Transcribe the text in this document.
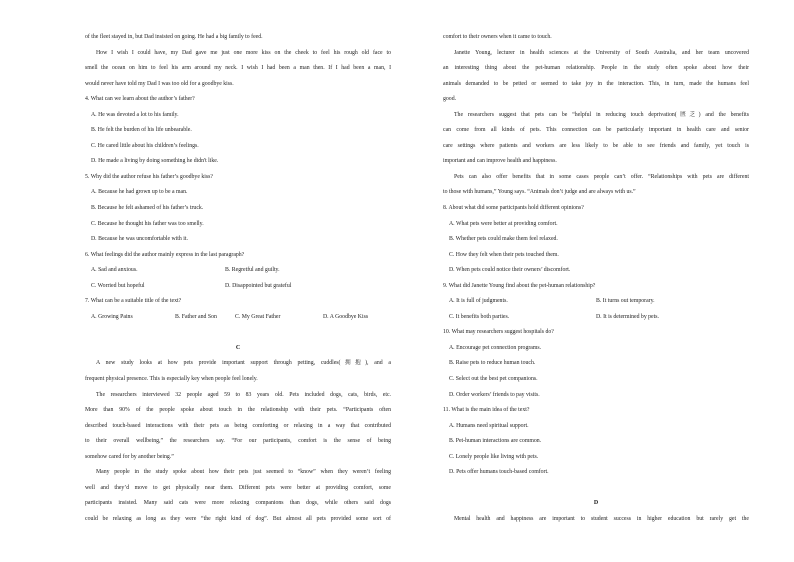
of the fleet stayed in, but Dad insisted on going. He had a big family to feed.
How I wish I could have, my Dad gave me just one more kiss on the cheek to feel his rough old face to
smell the ocean on him to feel his arm around my neck. I wish I had been a man then. If I had been a man, I
would never have told my Dad I was too old for a goodbye kiss.
4. What can we learn about the author’s father?
A. He was devoted a lot to his family.
B. He felt the burden of his life unbearable.
C. He cared little about his children’s feelings.
D. He made a living by doing something he didn't like.
5. Why did the author refuse his father’s goodbye kiss?
A. Because he had grown up to be a man.
B. Because he felt ashamed of his father’s truck.
C. Because he thought his father was too smelly.
D. Because he was uncomfortable with it.
6. What feelings did the author mainly express in the last paragraph?
A. Sad and anxious.	B. Regretful and guilty.
C. Worried but hopeful	D. Disappointed but grateful
7. What can be a suitable title of the text?
A. Growing Pains	B. Father and Son	C. My Great Father	D. A Goodbye Kiss
C
A new study looks at how pets provide important support through petting, cuddles(拥抱), and a
frequent physical presence. This is especially key when people feel lonely.
The researchers interviewed 32 people aged 59 to 83 years old. Pets included dogs, cats, birds, etc.
More than 90% of the people spoke about touch in the relationship with their pets. “Participants often
described touch-based interactions with their pets as being comforting or relaxing in a way that contributed
to their overall wellbeing,” the researchers say. “For our participants, comfort is the sense of being
somehow cared for by another being.”
Many people in the study spoke about how their pets just seemed to “know” when they weren’t feeling
well and they’d move to get physically near them. Different pets were better at providing comfort, some
participants insisted. Many said cats were more relaxing companions than dogs, while others said dogs
could be relaxing as long as they were “the right kind of dog”. But almost all pets provided some sort of
comfort to their owners when it came to touch.
Janette Young, lecturer in health sciences at the University of South Australia, and her team uncovered
an interesting thing about the pet-human relationship. People in the study often spoke about how their
animals demanded to be petted or seemed to take joy in the interaction. This, in turn, made the humans feel
good.
The researchers suggest that pets can be “helpful in reducing touch deprivation(匮乏) and the benefits
can come from all kinds of pets. This connection can be particularly important in health care and senior
care settings where patients and workers are less likely to be able to see friends and family, yet touch is
important and can improve health and happiness.
Pets can also offer benefits that in some cases people can’t offer. “Relationships with pets are different
to those with humans,” Young says. “Animals don’t judge and are always with us.”
8. About what did some participants hold different opinions?
A. What pets were better at providing comfort.
B. Whether pets could make them feel relaxed.
C. How they felt when their pets touched them.
D. When pets could notice their owners’ discomfort.
9. What did Janette Young find about the pet-human relationship?
A. It is full of judgments.	B. It turns out temporary.
C. It benefits both parties.	D. It is determined by pets.
10. What may researchers suggest hospitals do?
A. Encourage pet connection programs.
B. Raise pets to reduce human touch.
C. Select out the best pet companions.
D. Order workers’ friends to pay visits.
11. What is the main idea of the text?
A. Humans need spiritual support.
B. Pet-human interactions are common.
C. Lonely people like living with pets.
D. Pets offer humans touch-based comfort.
D
Mental health and happiness are important to student success in higher education but rarely get the
